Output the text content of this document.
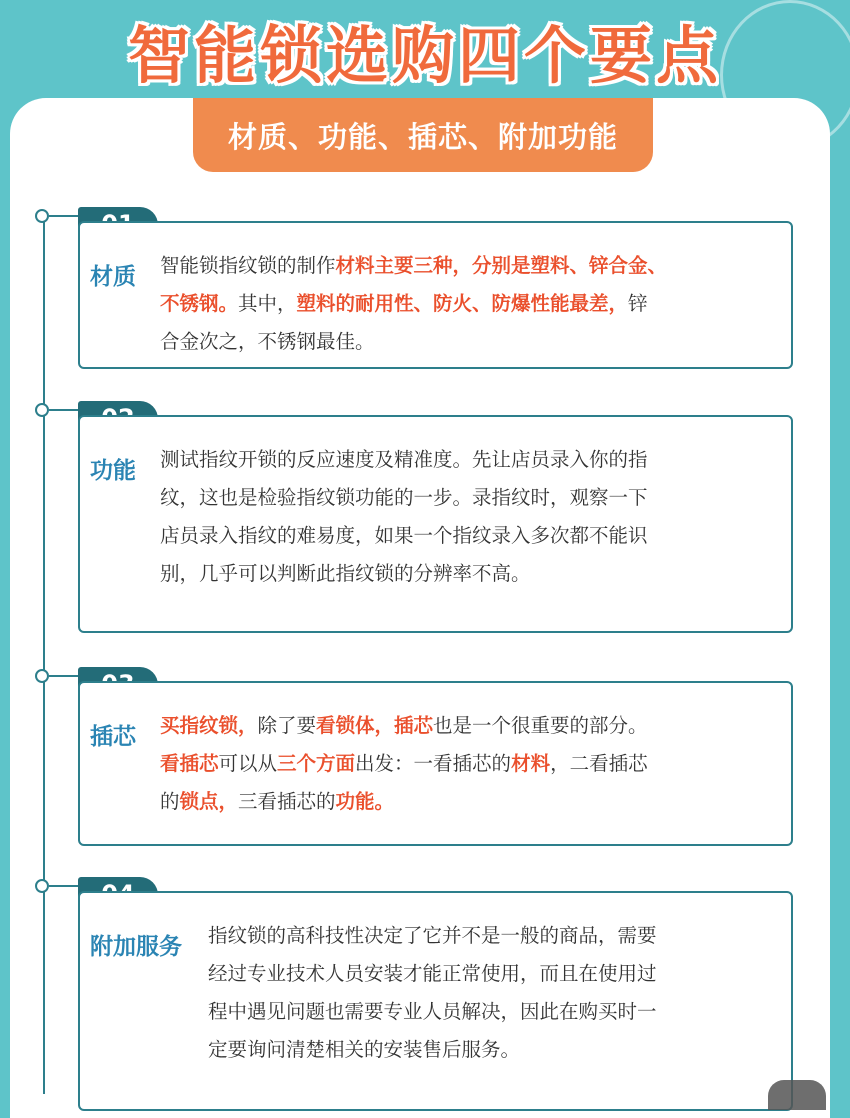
智能锁选购四个要点
材质、功能、插芯、附加功能
材质 智能锁指纹锁的制作材料主要三种，分别是塑料、锌合金、
不锈钢。其中，塑料的耐用性、防火、防爆性能最差，锌
合金次之，不锈钢最佳。
功能 测试指纹开锁的反应速度及精准度。先让店员录入你的指
纹，这也是检验指纹锁功能的一步。录指纹时，观察一下
店员录入指纹的难易度，如果一个指纹录入多次都不能识
别，几乎可以判断此指纹锁的分辨率不高。
插芯 买指纹锁，除了要看锁体，插芯也是一个很重要的部分。
看插芯可以从三个方面出发：一看插芯的材料，二看插芯
的锁点，三看插芯的功能。
附加服务 指纹锁的高科技性决定了它并不是一般的商品，需要
经过专业技术人员安装才能正常使用，而且在使用过
程中遇见问题也需要专业人员解决，因此在购买时一
定要询问清楚相关的安装售后服务。
